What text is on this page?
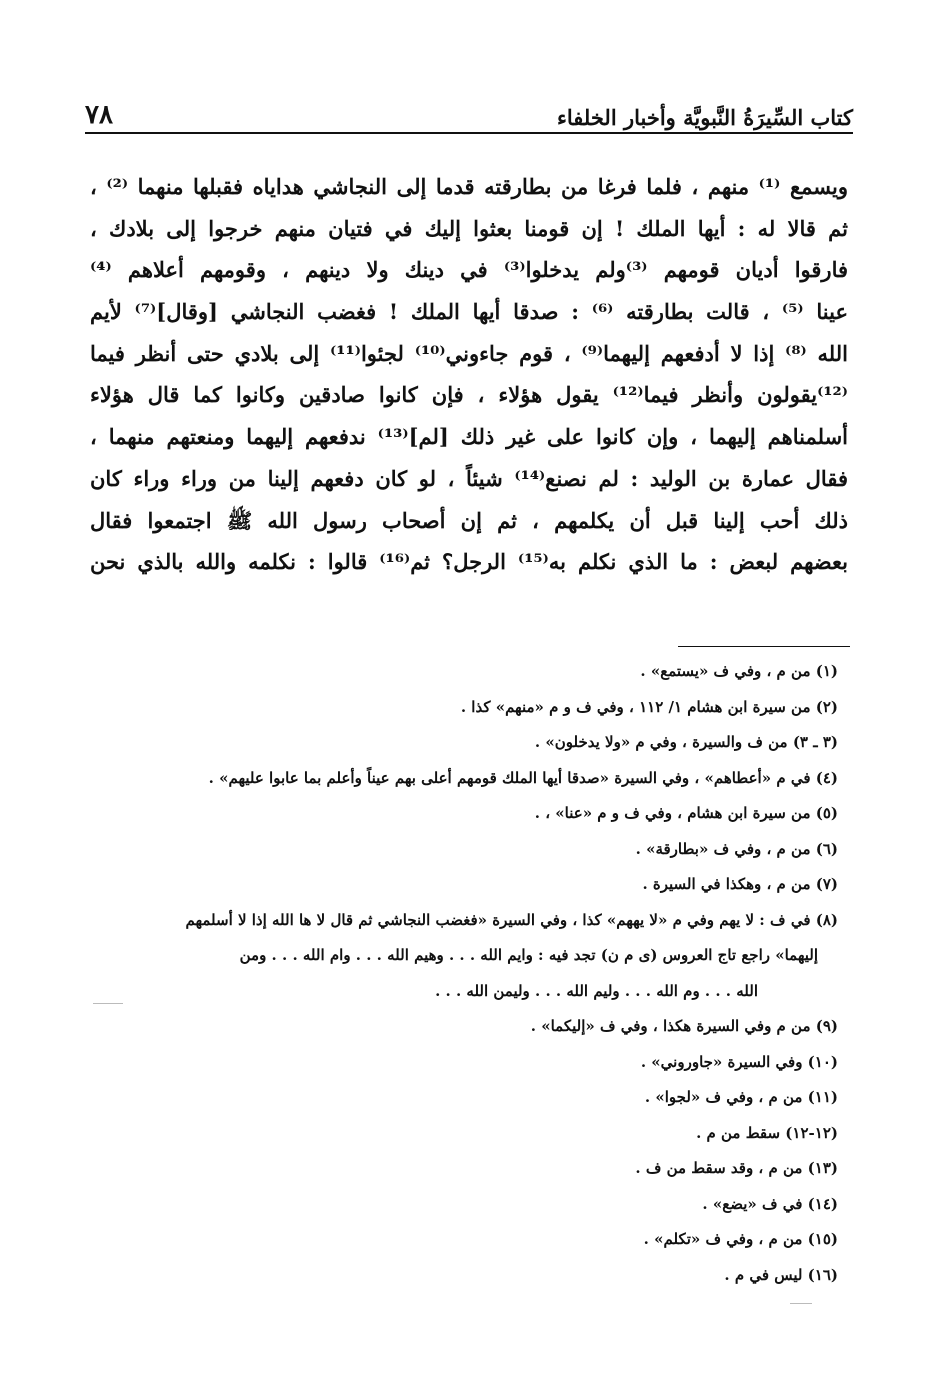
كتاب السِّيرَةُ النَّبويَّة وأخبار الخلفاء
٧٨
ويسمع ⁽¹⁾ منهم ، فلما فرغا من بطارقته قدما إلى النجاشي هداياه فقبلها منهما ⁽²⁾ ،
ثم قالا له : أيها الملك ! إن قومنا بعثوا إليك في فتيان منهم خرجوا إلى بلادك ،
فارقوا أديان قومهم ⁽³⁾ولم يدخلوا⁽³⁾ في دينك ولا دينهم ، وقومهم أعلاهم ⁽⁴⁾
عينا ⁽⁵⁾ ، قالت بطارقته ⁽⁶⁾ : صدقا أيها الملك ! فغضب النجاشي [وقال]⁽⁷⁾ لأيم
الله ⁽⁸⁾ إذا لا أدفعهم إليهما⁽⁹⁾ ، قوم جاءوني⁽¹⁰⁾ لجئوا⁽¹¹⁾ إلى بلادي حتى أنظر فيما
⁽¹²⁾يقولون وأنظر فيما⁽¹²⁾ يقول هؤلاء ، فإن كانوا صادقين وكانوا كما قال هؤلاء
أسلمناهم إليهما ، وإن كانوا على غير ذلك [لم]⁽¹³⁾ ندفعهم إليهما ومنعتهم منهما ،
فقال عمارة بن الوليد : لم نصنع⁽¹⁴⁾ شيئاً ، لو كان دفعهم إلينا من وراء وراء كان
ذلك أحب إلينا قبل أن يكلمهم ، ثم إن أصحاب رسول الله ﷺ اجتمعوا فقال
بعضهم لبعض : ما الذي نكلم به⁽¹⁵⁾ الرجل؟ ثم⁽¹⁶⁾ قالوا : نكلمه والله بالذي نحن
(١) من م ، وفي ف «يستمع» .
(٢) من سيرة ابن هشام ١/ ١١٢ ، وفي ف و م «منهم» كذا .
(٣ ـ ٣) من ف والسيرة ، وفي م «ولا يدخلون» .
(٤) في م «أعطاهم» ، وفي السيرة «صدقا أيها الملك قومهم أعلى بهم عيناً وأعلم بما عابوا عليهم» .
(٥) من سيرة ابن هشام ، وفي ف و م «عنا» ، .
(٦) من م ، وفي ف «بطارقة» .
(٧) من م ، وهكذا في السيرة .
(٨) في ف : لا يهم وفي م «لا يههم» كذا ، وفي السيرة «فغضب النجاشي ثم قال لا ها الله إذا لا أسلمهم
إليهما» راجع تاج العروس (ى م ن) تجد فيه : وايم الله . . . وهيم الله . . . وام الله . . . ومن
الله . . . وم الله . . . وليم الله . . . وليمن الله . . .
(٩) من م وفي السيرة هكذا ، وفي ف «إليكما» .
(١٠) وفي السيرة «جاوروني» .
(١١) من م ، وفي ف «لجوا» .
(١٢-١٢) سقط من م .
(١٣) من م ، وقد سقط من ف .
(١٤) في ف «يضع» .
(١٥) من م ، وفي ف «تكلم» .
(١٦) ليس في م .
